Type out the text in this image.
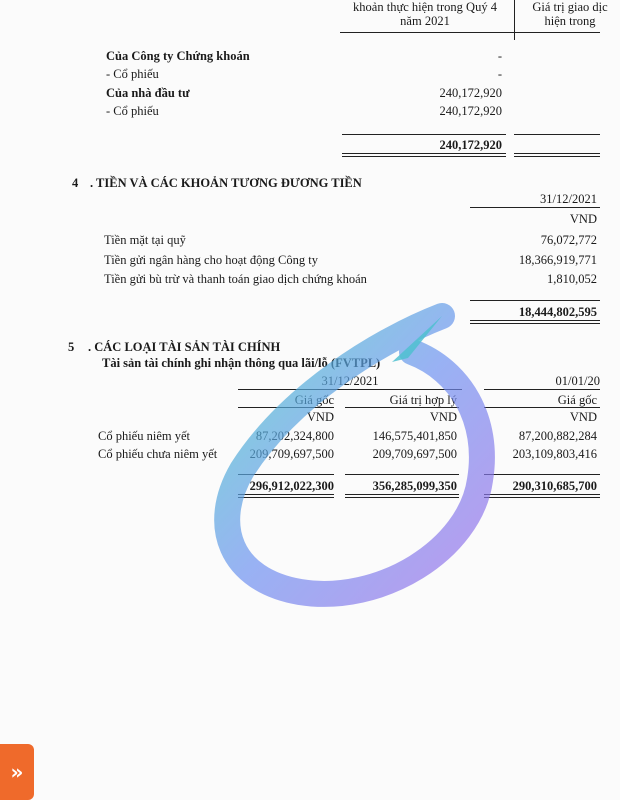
khoản thực hiện trong Quý 4
năm 2021
Giá trị giao dịc
hiện trong
Của Công ty Chứng khoán	-
- Cổ phiếu	-
Của nhà đầu tư	240,172,920
- Cổ phiếu	240,172,920
240,172,920
4 . TIỀN VÀ CÁC KHOẢN TƯƠNG ĐƯƠNG TIỀN
31/12/2021
VND
Tiền mặt tại quỹ	76,072,772
Tiền gửi ngân hàng cho hoạt động Công ty	18,366,919,771
Tiền gửi bù trừ và thanh toán giao dịch chứng khoán	1,810,052
18,444,802,595
5 . CÁC LOẠI TÀI SẢN TÀI CHÍNH
Tài sản tài chính ghi nhận thông qua lãi/lỗ (FVTPL)
31/12/2021	01/01/20
Giá gốc	Giá trị hợp lý	Giá gốc
VND	VND	VND
Cổ phiếu niêm yết	87,202,324,800	146,575,401,850	87,200,882,284
Cổ phiếu chưa niêm yết	209,709,697,500	209,709,697,500	203,109,803,416
296,912,022,300	356,285,099,350	290,310,685,700
»
